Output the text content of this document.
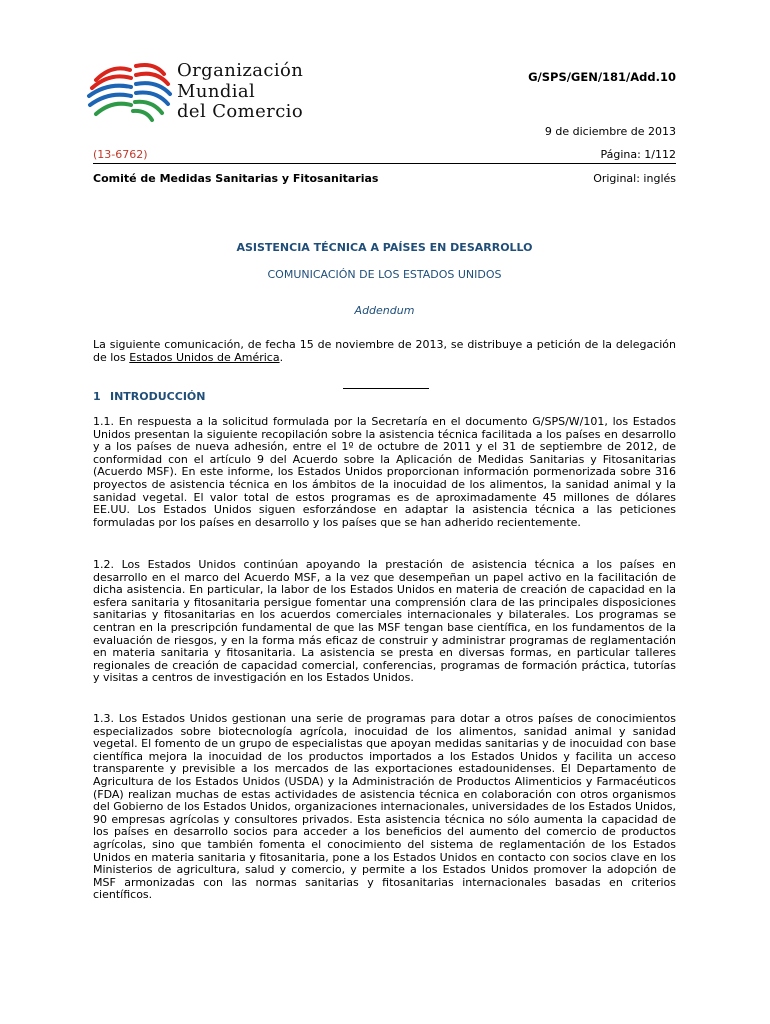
Organización
Mundial
del Comercio
G/SPS/GEN/181/Add.10
9 de diciembre de 2013
(13-6762)	Página: 1/112
Comité de Medidas Sanitarias y Fitosanitarias	Original: inglés
ASISTENCIA TÉCNICA A PAÍSES EN DESARROLLO
COMUNICACIÓN DE LOS ESTADOS UNIDOS
Addendum

La siguiente comunicación, de fecha 15 de noviembre de 2013, se distribuye a petición de la delegación de los Estados Unidos de América.

1 INTRODUCCIÓN

1.1. En respuesta a la solicitud formulada por la Secretaría en el documento G/SPS/W/101, los Estados Unidos presentan la siguiente recopilación sobre la asistencia técnica facilitada a los países en desarrollo y a los países de nueva adhesión, entre el 1º de octubre de 2011 y el 31 de septiembre de 2012, de conformidad con el artículo 9 del Acuerdo sobre la Aplicación de Medidas Sanitarias y Fitosanitarias (Acuerdo MSF). En este informe, los Estados Unidos proporcionan información pormenorizada sobre 316 proyectos de asistencia técnica en los ámbitos de la inocuidad de los alimentos, la sanidad animal y la sanidad vegetal. El valor total de estos programas es de aproximadamente 45 millones de dólares EE.UU. Los Estados Unidos siguen esforzándose en adaptar la asistencia técnica a las peticiones formuladas por los países en desarrollo y los países que se han adherido recientemente.

1.2. Los Estados Unidos continúan apoyando la prestación de asistencia técnica a los países en desarrollo en el marco del Acuerdo MSF, a la vez que desempeñan un papel activo en la facilitación de dicha asistencia. En particular, la labor de los Estados Unidos en materia de creación de capacidad en la esfera sanitaria y fitosanitaria persigue fomentar una comprensión clara de las principales disposiciones sanitarias y fitosanitarias en los acuerdos comerciales internacionales y bilaterales. Los programas se centran en la prescripción fundamental de que las MSF tengan base científica, en los fundamentos de la evaluación de riesgos, y en la forma más eficaz de construir y administrar programas de reglamentación en materia sanitaria y fitosanitaria. La asistencia se presta en diversas formas, en particular talleres regionales de creación de capacidad comercial, conferencias, programas de formación práctica, tutorías y visitas a centros de investigación en los Estados Unidos.

1.3. Los Estados Unidos gestionan una serie de programas para dotar a otros países de conocimientos especializados sobre biotecnología agrícola, inocuidad de los alimentos, sanidad animal y sanidad vegetal. El fomento de un grupo de especialistas que apoyan medidas sanitarias y de inocuidad con base científica mejora la inocuidad de los productos importados a los Estados Unidos y facilita un acceso transparente y previsible a los mercados de las exportaciones estadounidenses. El Departamento de Agricultura de los Estados Unidos (USDA) y la Administración de Productos Alimenticios y Farmacéuticos (FDA) realizan muchas de estas actividades de asistencia técnica en colaboración con otros organismos del Gobierno de los Estados Unidos, organizaciones internacionales, universidades de los Estados Unidos, 90 empresas agrícolas y consultores privados. Esta asistencia técnica no sólo aumenta la capacidad de los países en desarrollo socios para acceder a los beneficios del aumento del comercio de productos agrícolas, sino que también fomenta el conocimiento del sistema de reglamentación de los Estados Unidos en materia sanitaria y fitosanitaria, pone a los Estados Unidos en contacto con socios clave en los Ministerios de agricultura, salud y comercio, y permite a los Estados Unidos promover la adopción de MSF armonizadas con las normas sanitarias y fitosanitarias internacionales basadas en criterios científicos.
